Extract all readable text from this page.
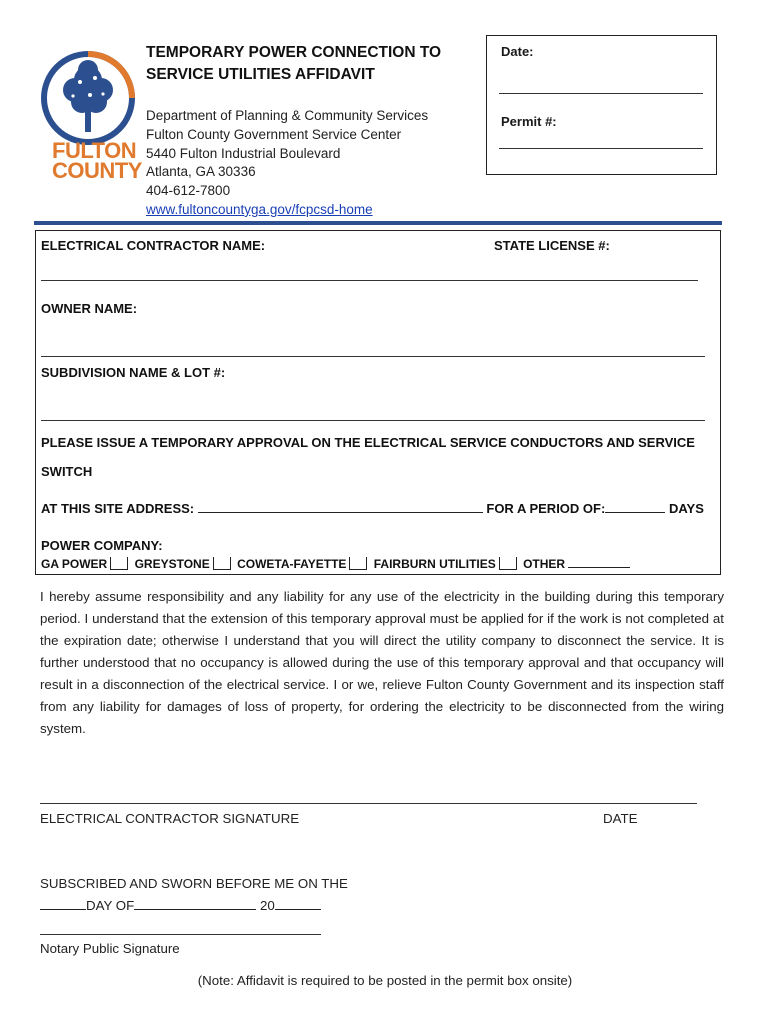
FULTON
COUNTY
TEMPORARY POWER CONNECTION TO
SERVICE UTILITIES AFFIDAVIT
Department of Planning & Community Services
Fulton County Government Service Center
5440 Fulton Industrial Boulevard
Atlanta, GA 30336
404-612-7800
www.fultoncountyga.gov/fcpcsd-home
Date:
Permit #:
ELECTRICAL CONTRACTOR NAME:	STATE LICENSE #:
OWNER NAME:
SUBDIVISION NAME & LOT #:
PLEASE ISSUE A TEMPORARY APPROVAL ON THE ELECTRICAL SERVICE CONDUCTORS AND SERVICE
SWITCH
AT THIS SITE ADDRESS:	FOR A PERIOD OF:	DAYS
POWER COMPANY:
GA POWER GREYSTONE COWETA-FAYETTE FAIRBURN UTILITIES OTHER
I hereby assume responsibility and any liability for any use of the electricity in the building during this temporary period. I understand that the extension of this temporary approval must be applied for if the work is not completed at the expiration date; otherwise I understand that you will direct the utility company to disconnect the service. It is further understood that no occupancy is allowed during the use of this temporary approval and that occupancy will result in a disconnection of the electrical service. I or we, relieve Fulton County Government and its inspection staff from any liability for damages of loss of property, for ordering the electricity to be disconnected from the wiring system.
ELECTRICAL CONTRACTOR SIGNATURE	DATE
SUBSCRIBED AND SWORN BEFORE ME ON THE
DAY OF	20
Notary Public Signature
(Note: Affidavit is required to be posted in the permit box onsite)
